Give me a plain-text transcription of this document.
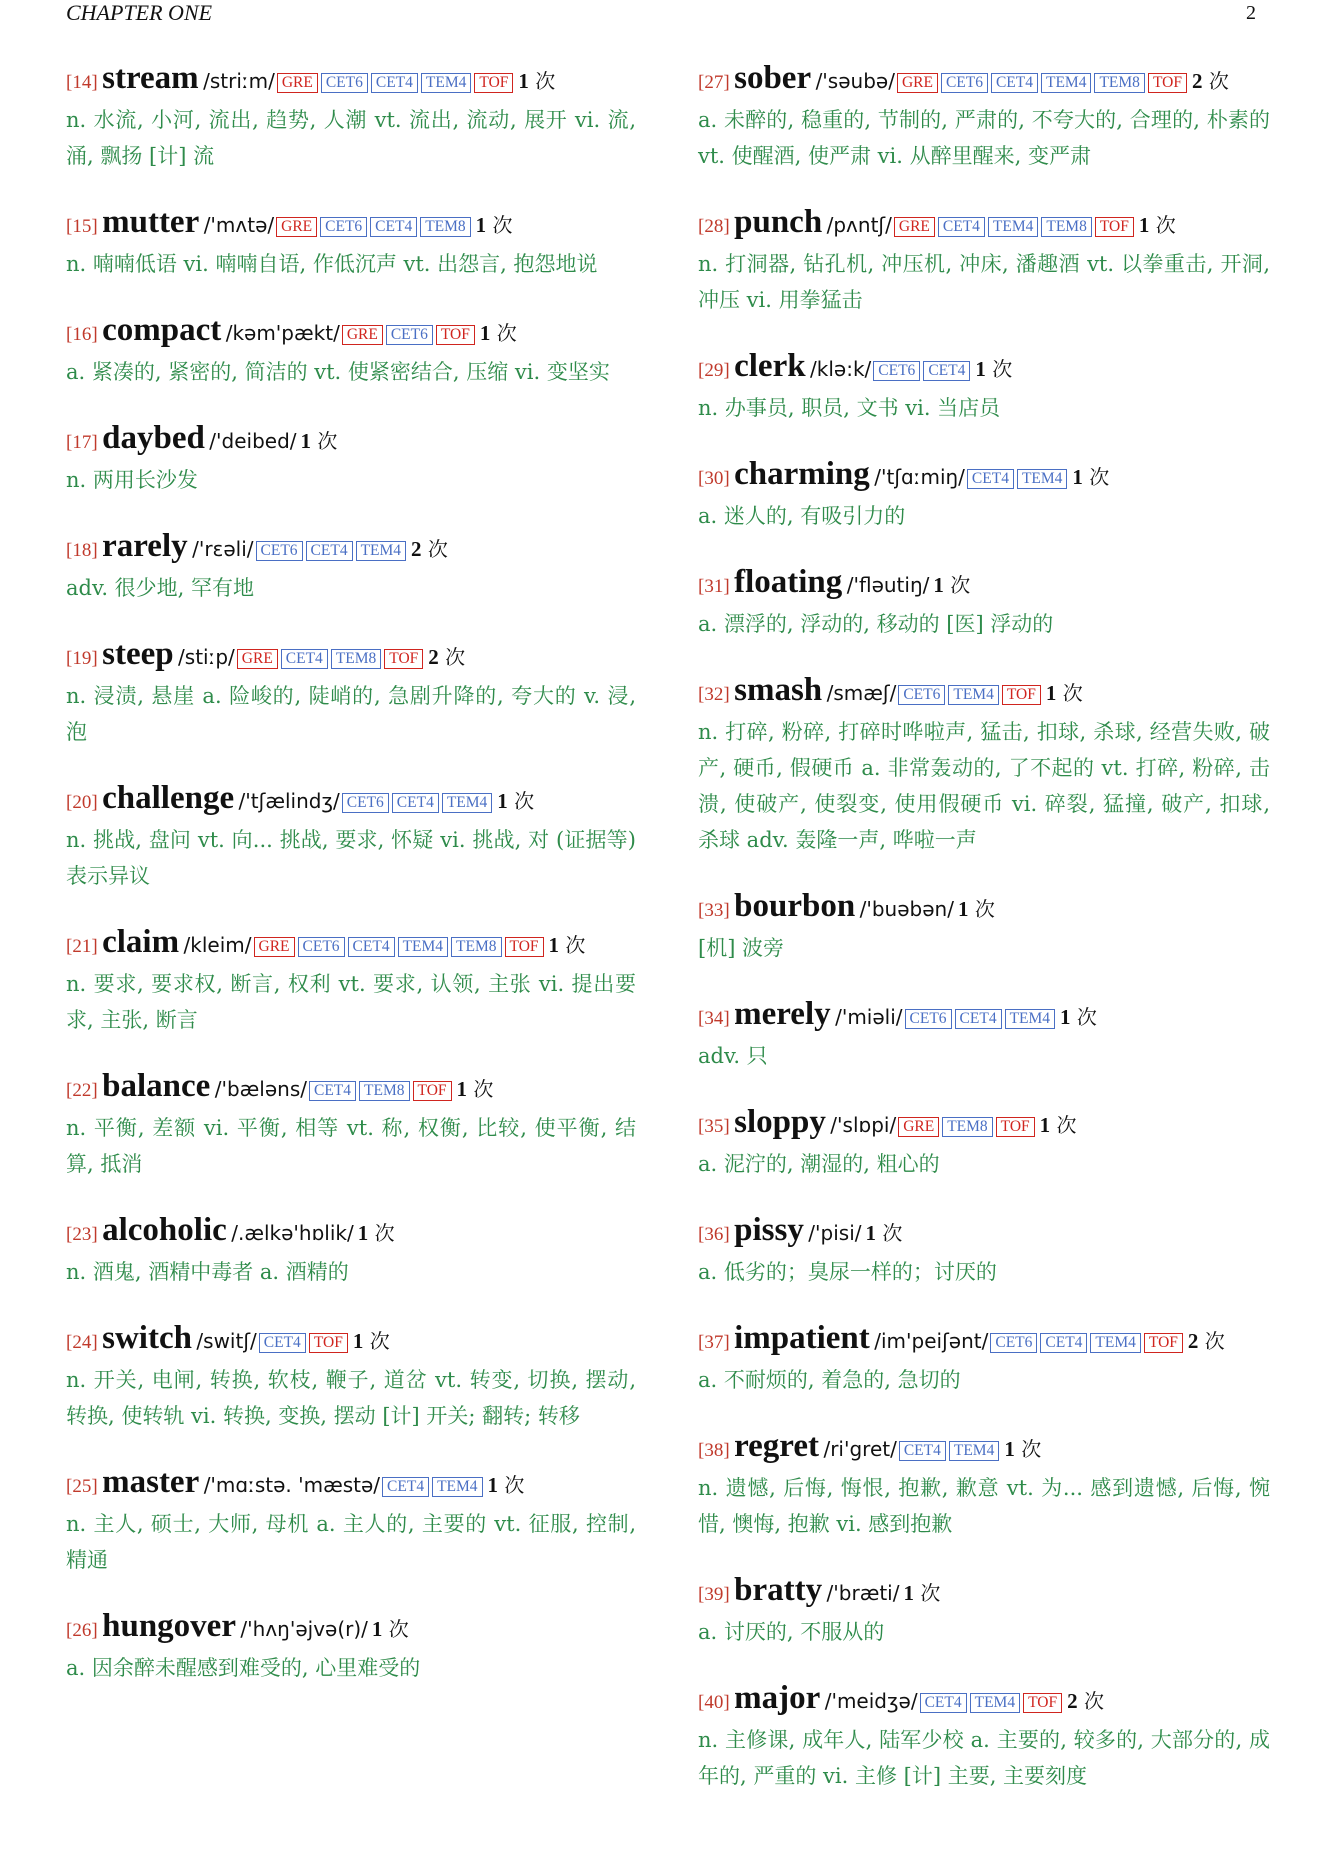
CHAPTER ONE	2
[14] stream /striːm/ GRE CET6 CET4 TEM4 TOF 1 次
n. 水流, 小河, 流出, 趋势, 人潮 vt. 流出, 流动, 展开 vi. 流, 涌, 飘扬 [计] 流
[15] mutter /'mʌtə/ GRE CET6 CET4 TEM8 1 次
n. 喃喃低语 vi. 喃喃自语, 作低沉声 vt. 出怨言, 抱怨地说
[16] compact /kəm'pækt/ GRE CET6 TOF 1 次
a. 紧凑的, 紧密的, 简洁的 vt. 使紧密结合, 压缩 vi. 变坚实
[17] daybed /'deibed/ 1 次
n. 两用长沙发
[18] rarely /'rɛəli/ CET6 CET4 TEM4 2 次
adv. 很少地, 罕有地
[19] steep /stiːp/ GRE CET4 TEM8 TOF 2 次
n. 浸渍, 悬崖 a. 险峻的, 陡峭的, 急剧升降的, 夸大的 v. 浸, 泡
[20] challenge /'tʃælindʒ/ CET6 CET4 TEM4 1 次
n. 挑战, 盘问 vt. 向... 挑战, 要求, 怀疑 vi. 挑战, 对 (证据等) 表示异议
[21] claim /kleim/ GRE CET6 CET4 TEM4 TEM8 TOF 1 次
n. 要求, 要求权, 断言, 权利 vt. 要求, 认领, 主张 vi. 提出要求, 主张, 断言
[22] balance /'bæləns/ CET4 TEM8 TOF 1 次
n. 平衡, 差额 vi. 平衡, 相等 vt. 称, 权衡, 比较, 使平衡, 结算, 抵消
[23] alcoholic /.ælkə'hɒlik/ 1 次
n. 酒鬼, 酒精中毒者 a. 酒精的
[24] switch /switʃ/ CET4 TOF 1 次
n. 开关, 电闸, 转换, 软枝, 鞭子, 道岔 vt. 转变, 切换, 摆动, 转换, 使转轨 vi. 转换, 变换, 摆动 [计] 开关; 翻转; 转移
[25] master /'mɑːstə. 'mæstə/ CET4 TEM4 1 次
n. 主人, 硕士, 大师, 母机 a. 主人的, 主要的 vt. 征服, 控制, 精通
[26] hungover /'hʌŋ'əjvə(r)/ 1 次
a. 因余醉未醒感到难受的, 心里难受的
[27] sober /'səubə/ GRE CET6 CET4 TEM4 TEM8 TOF 2 次
a. 未醉的, 稳重的, 节制的, 严肃的, 不夸大的, 合理的, 朴素的 vt. 使醒酒, 使严肃 vi. 从醉里醒来, 变严肃
[28] punch /pʌntʃ/ GRE CET4 TEM4 TEM8 TOF 1 次
n. 打洞器, 钻孔机, 冲压机, 冲床, 潘趣酒 vt. 以拳重击, 开洞, 冲压 vi. 用拳猛击
[29] clerk /klə:k/ CET6 CET4 1 次
n. 办事员, 职员, 文书 vi. 当店员
[30] charming /'tʃɑːmiŋ/ CET4 TEM4 1 次
a. 迷人的, 有吸引力的
[31] floating /'fləutiŋ/ 1 次
a. 漂浮的, 浮动的, 移动的 [医] 浮动的
[32] smash /smæʃ/ CET6 TEM4 TOF 1 次
n. 打碎, 粉碎, 打碎时哗啦声, 猛击, 扣球, 杀球, 经营失败, 破产, 硬币, 假硬币 a. 非常轰动的, 了不起的 vt. 打碎, 粉碎, 击溃, 使破产, 使裂变, 使用假硬币 vi. 碎裂, 猛撞, 破产, 扣球, 杀球 adv. 轰隆一声, 哗啦一声
[33] bourbon /'buəbən/ 1 次
[机] 波旁
[34] merely /'miəli/ CET6 CET4 TEM4 1 次
adv. 只
[35] sloppy /'slɒpi/ GRE TEM8 TOF 1 次
a. 泥泞的, 潮湿的, 粗心的
[36] pissy /'pisi/ 1 次
a. 低劣的；臭尿一样的；讨厌的
[37] impatient /im'peiʃənt/ CET6 CET4 TEM4 TOF 2 次
a. 不耐烦的, 着急的, 急切的
[38] regret /ri'gret/ CET4 TEM4 1 次
n. 遗憾, 后悔, 悔恨, 抱歉, 歉意 vt. 为... 感到遗憾, 后悔, 惋惜, 懊悔, 抱歉 vi. 感到抱歉
[39] bratty /'bræti/ 1 次
a. 讨厌的, 不服从的
[40] major /'meidʒə/ CET4 TEM4 TOF 2 次
n. 主修课, 成年人, 陆军少校 a. 主要的, 较多的, 大部分的, 成年的, 严重的 vi. 主修 [计] 主要, 主要刻度
